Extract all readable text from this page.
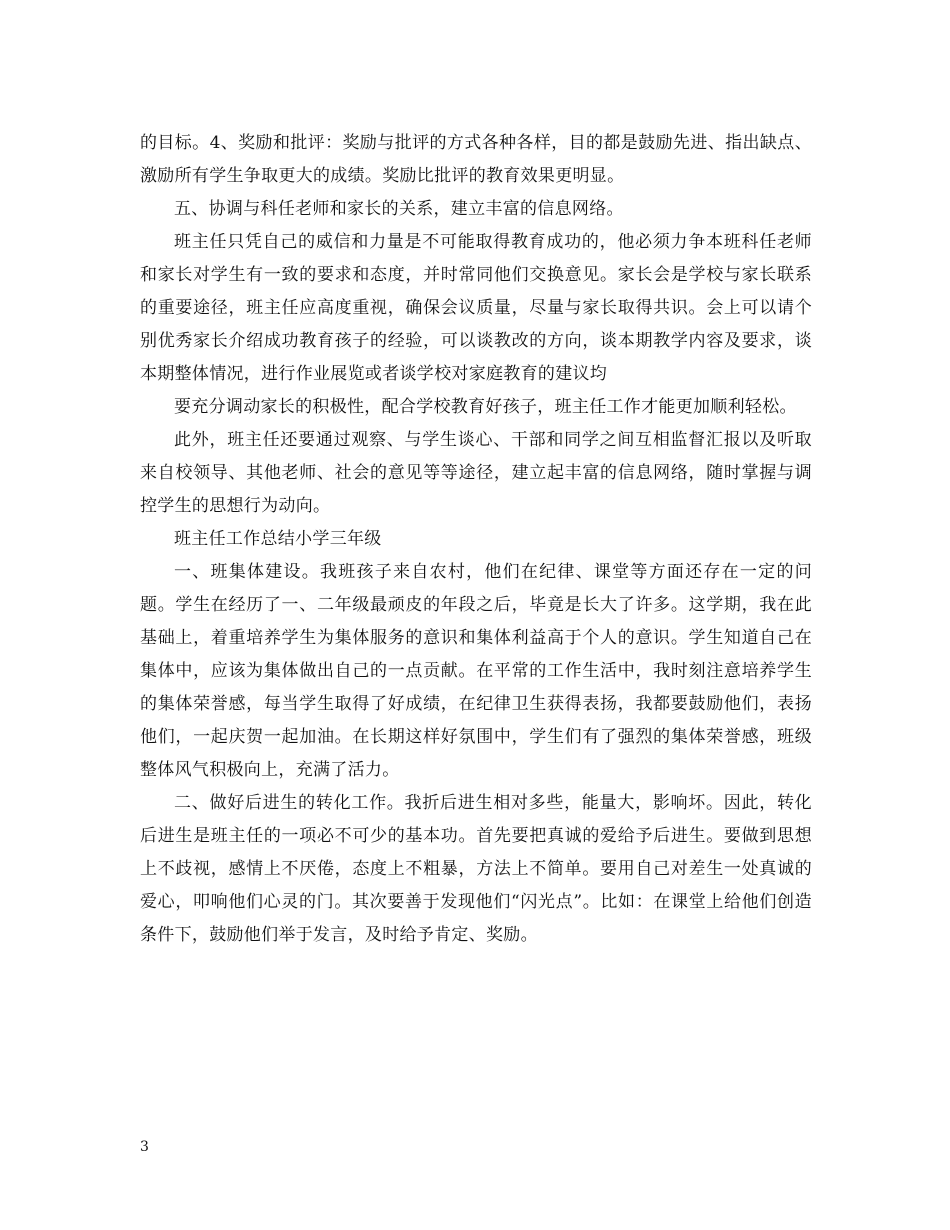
的目标。4、奖励和批评：奖励与批评的方式各种各样，目的都是鼓励先进、指出缺点、激励所有学生争取更大的成绩。奖励比批评的教育效果更明显。

五、协调与科任老师和家长的关系，建立丰富的信息网络。

班主任只凭自己的威信和力量是不可能取得教育成功的，他必须力争本班科任老师和家长对学生有一致的要求和态度，并时常同他们交换意见。家长会是学校与家长联系的重要途径，班主任应高度重视，确保会议质量，尽量与家长取得共识。会上可以请个别优秀家长介绍成功教育孩子的经验，可以谈教改的方向，谈本期教学内容及要求，谈本期整体情况，进行作业展览或者谈学校对家庭教育的建议均

要充分调动家长的积极性，配合学校教育好孩子，班主任工作才能更加顺利轻松。

此外，班主任还要通过观察、与学生谈心、干部和同学之间互相监督汇报以及听取来自校领导、其他老师、社会的意见等等途径，建立起丰富的信息网络，随时掌握与调控学生的思想行为动向。

班主任工作总结小学三年级

一、班集体建设。我班孩子来自农村，他们在纪律、课堂等方面还存在一定的问题。学生在经历了一、二年级最顽皮的年段之后，毕竟是长大了许多。这学期，我在此基础上，着重培养学生为集体服务的意识和集体利益高于个人的意识。学生知道自己在集体中，应该为集体做出自己的一点贡献。在平常的工作生活中，我时刻注意培养学生的集体荣誉感，每当学生取得了好成绩，在纪律卫生获得表扬，我都要鼓励他们，表扬他们，一起庆贺一起加油。在长期这样好氛围中，学生们有了强烈的集体荣誉感，班级整体风气积极向上，充满了活力。

二、做好后进生的转化工作。我折后进生相对多些，能量大，影响坏。因此，转化后进生是班主任的一项必不可少的基本功。首先要把真诚的爱给予后进生。要做到思想上不歧视，感情上不厌倦，态度上不粗暴，方法上不简单。要用自己对差生一处真诚的爱心，叩响他们心灵的门。其次要善于发现他们“闪光点”。比如：在课堂上给他们创造条件下，鼓励他们举于发言，及时给予肯定、奖励。

3
